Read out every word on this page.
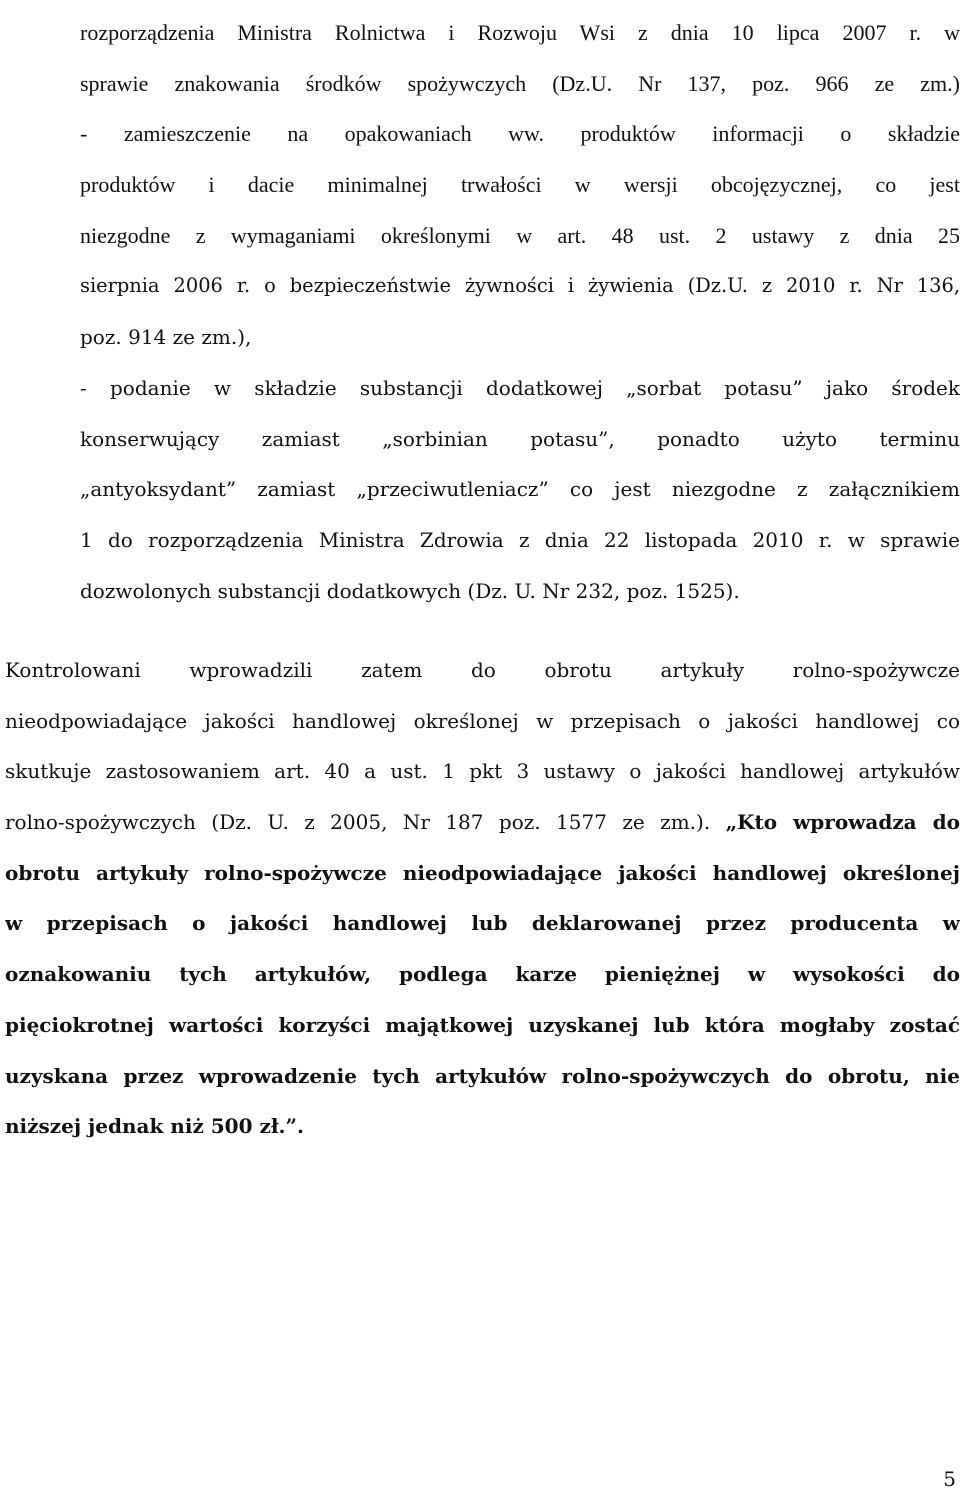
rozporządzenia Ministra Rolnictwa i Rozwoju Wsi z dnia 10 lipca 2007 r. w
sprawie znakowania środków spożywczych (Dz.U. Nr 137, poz. 966 ze zm.)
- zamieszczenie na opakowaniach ww. produktów informacji o składzie
produktów i dacie minimalnej trwałości w wersji obcojęzycznej, co jest
niezgodne z wymaganiami określonymi w art. 48 ust. 2 ustawy z dnia 25
sierpnia 2006 r. o bezpieczeństwie żywności i żywienia (Dz.U. z 2010 r. Nr 136,
poz. 914 ze zm.),
- podanie w składzie substancji dodatkowej „sorbat potasu” jako środek
konserwujący zamiast „sorbinian potasu”, ponadto użyto terminu
„antyoksydant” zamiast „przeciwutleniacz” co jest niezgodne z załącznikiem
1 do rozporządzenia Ministra Zdrowia z dnia 22 listopada 2010 r. w sprawie
dozwolonych substancji dodatkowych (Dz. U. Nr 232, poz. 1525).
Kontrolowani wprowadzili zatem do obrotu artykuły rolno-spożywcze
nieodpowiadające jakości handlowej określonej w przepisach o jakości handlowej co
skutkuje zastosowaniem art. 40 a ust. 1 pkt 3 ustawy o jakości handlowej artykułów
rolno-spożywczych (Dz. U. z 2005, Nr 187 poz. 1577 ze zm.). „Kto wprowadza do
obrotu artykuły rolno-spożywcze nieodpowiadające jakości handlowej określonej
w przepisach o jakości handlowej lub deklarowanej przez producenta w
oznakowaniu tych artykułów, podlega karze pieniężnej w wysokości do
pięciokrotnej wartości korzyści majątkowej uzyskanej lub która mogłaby zostać
uzyskana przez wprowadzenie tych artykułów rolno-spożywczych do obrotu, nie
niższej jednak niż 500 zł.”.
5
